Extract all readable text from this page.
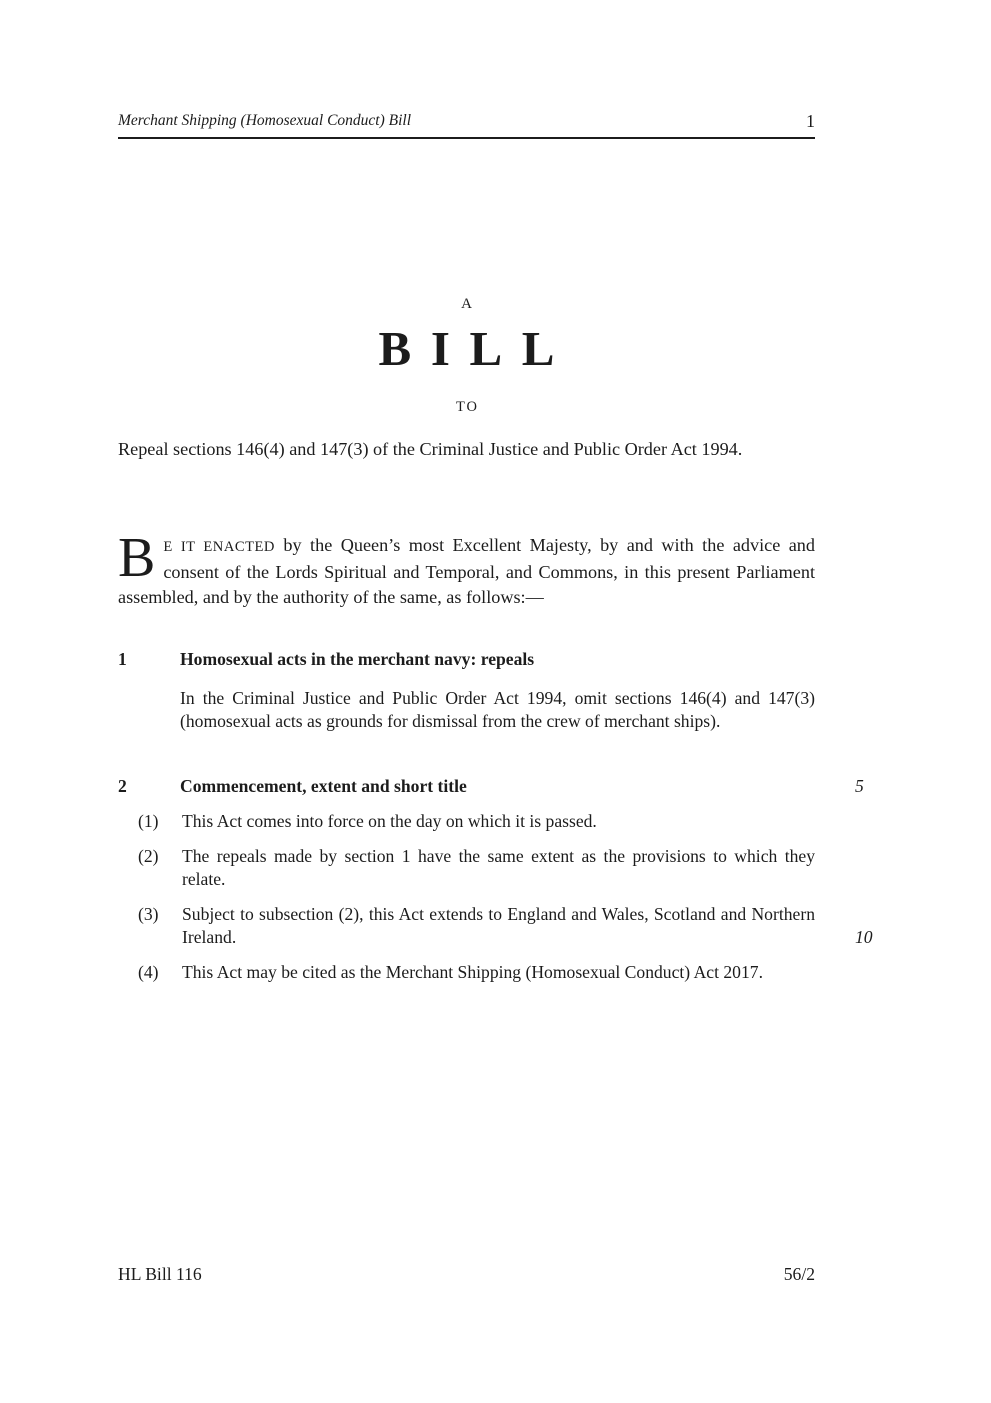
Merchant Shipping (Homosexual Conduct) Bill	1
A
BILL
TO

Repeal sections 146(4) and 147(3) of the Criminal Justice and Public Order Act 1994.

B E IT ENACTED by the Queen’s most Excellent Majesty, by and with the advice and consent of the Lords Spiritual and Temporal, and Commons, in this present Parliament assembled, and by the authority of the same, as follows:—

1	Homosexual acts in the merchant navy: repeals

In the Criminal Justice and Public Order Act 1994, omit sections 146(4) and 147(3) (homosexual acts as grounds for dismissal from the crew of merchant ships).

2	Commencement, extent and short title	5
(1)	This Act comes into force on the day on which it is passed.
(2)	The repeals made by section 1 have the same extent as the provisions to which they relate.
(3)	Subject to subsection (2), this Act extends to England and Wales, Scotland and Northern Ireland.	10
(4)	This Act may be cited as the Merchant Shipping (Homosexual Conduct) Act 2017.
HL Bill 116	56/2
